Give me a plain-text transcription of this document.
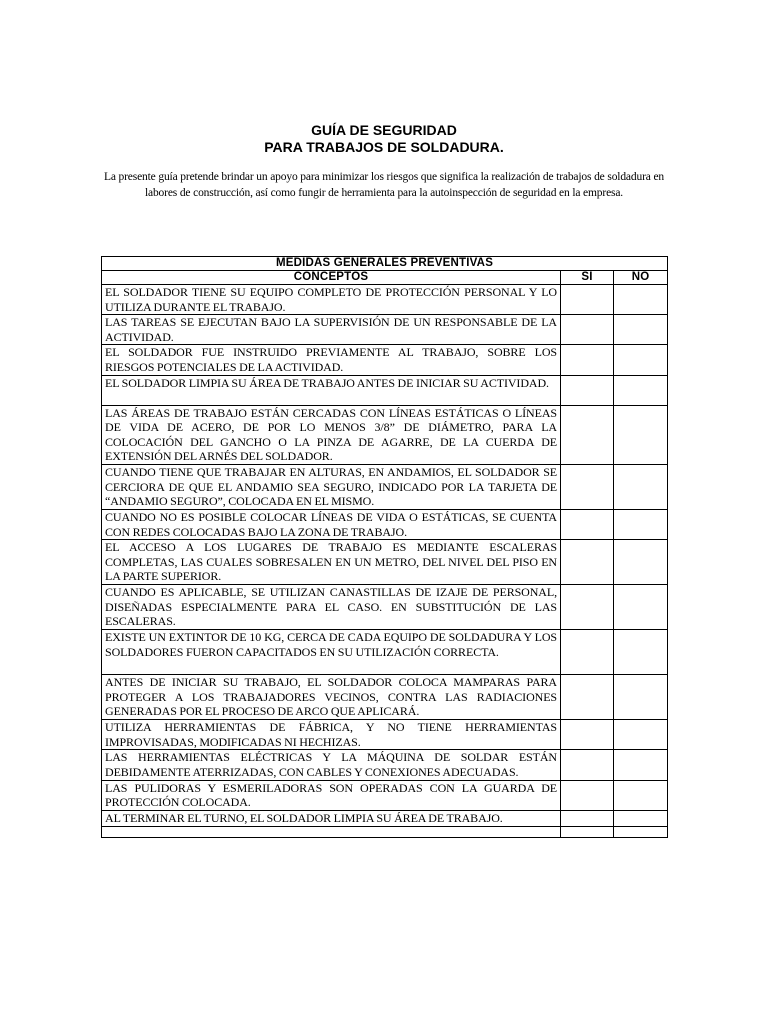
GUÍA DE SEGURIDAD
PARA TRABAJOS DE SOLDADURA.
La presente guía pretende brindar un apoyo para minimizar los riesgos que significa la realización de trabajos de soldadura en labores de construcción, así como fungir de herramienta para la autoinspección de seguridad en la empresa.
MEDIDAS GENERALES PREVENTIVAS		
CONCEPTOS	SI	NO
EL SOLDADOR TIENE SU EQUIPO COMPLETO DE PROTECCIÓN PERSONAL Y LO UTILIZA DURANTE EL TRABAJO.		
LAS TAREAS SE EJECUTAN BAJO LA SUPERVISIÓN DE UN RESPONSABLE DE LA ACTIVIDAD.		
EL SOLDADOR FUE INSTRUIDO PREVIAMENTE AL TRABAJO, SOBRE LOS RIESGOS POTENCIALES DE LA ACTIVIDAD.		
EL SOLDADOR LIMPIA SU ÁREA DE TRABAJO ANTES DE INICIAR SU ACTIVIDAD.		
LAS ÁREAS DE TRABAJO ESTÁN CERCADAS CON LÍNEAS ESTÁTICAS O LÍNEAS DE VIDA DE ACERO, DE POR LO MENOS 3/8” DE DIÁMETRO, PARA LA COLOCACIÓN DEL GANCHO O LA PINZA DE AGARRE, DE LA CUERDA DE EXTENSIÓN DEL ARNÉS DEL SOLDADOR.		
CUANDO TIENE QUE TRABAJAR EN ALTURAS, EN ANDAMIOS, EL SOLDADOR SE CERCIORA DE QUE EL ANDAMIO SEA SEGURO, INDICADO POR LA TARJETA DE “ANDAMIO SEGURO”, COLOCADA EN EL MISMO.		
CUANDO NO ES POSIBLE COLOCAR LÍNEAS DE VIDA O ESTÁTICAS, SE CUENTA CON REDES COLOCADAS BAJO LA ZONA DE TRABAJO.		
EL ACCESO A LOS LUGARES DE TRABAJO ES MEDIANTE ESCALERAS COMPLETAS, LAS CUALES SOBRESALEN EN UN METRO, DEL NIVEL DEL PISO EN LA PARTE SUPERIOR.		
CUANDO ES APLICABLE, SE UTILIZAN CANASTILLAS DE IZAJE DE PERSONAL, DISEÑADAS ESPECIALMENTE PARA EL CASO. EN SUBSTITUCIÓN DE LAS ESCALERAS.		
EXISTE UN EXTINTOR DE 10 KG, CERCA DE CADA EQUIPO DE SOLDADURA Y LOS SOLDADORES FUERON CAPACITADOS EN SU UTILIZACIÓN CORRECTA.		
ANTES DE INICIAR SU TRABAJO, EL SOLDADOR COLOCA MAMPARAS PARA PROTEGER A LOS TRABAJADORES VECINOS, CONTRA LAS RADIACIONES GENERADAS POR EL PROCESO DE ARCO QUE APLICARÁ.		
UTILIZA HERRAMIENTAS DE FÁBRICA, Y NO TIENE HERRAMIENTAS IMPROVISADAS, MODIFICADAS NI HECHIZAS.		
LAS HERRAMIENTAS ELÉCTRICAS Y LA MÁQUINA DE SOLDAR ESTÁN DEBIDAMENTE ATERRIZADAS, CON CABLES Y CONEXIONES ADECUADAS.		
LAS PULIDORAS Y ESMERILADORAS SON OPERADAS CON LA GUARDA DE PROTECCIÓN COLOCADA.		
AL TERMINAR EL TURNO, EL SOLDADOR LIMPIA SU ÁREA DE TRABAJO.		
